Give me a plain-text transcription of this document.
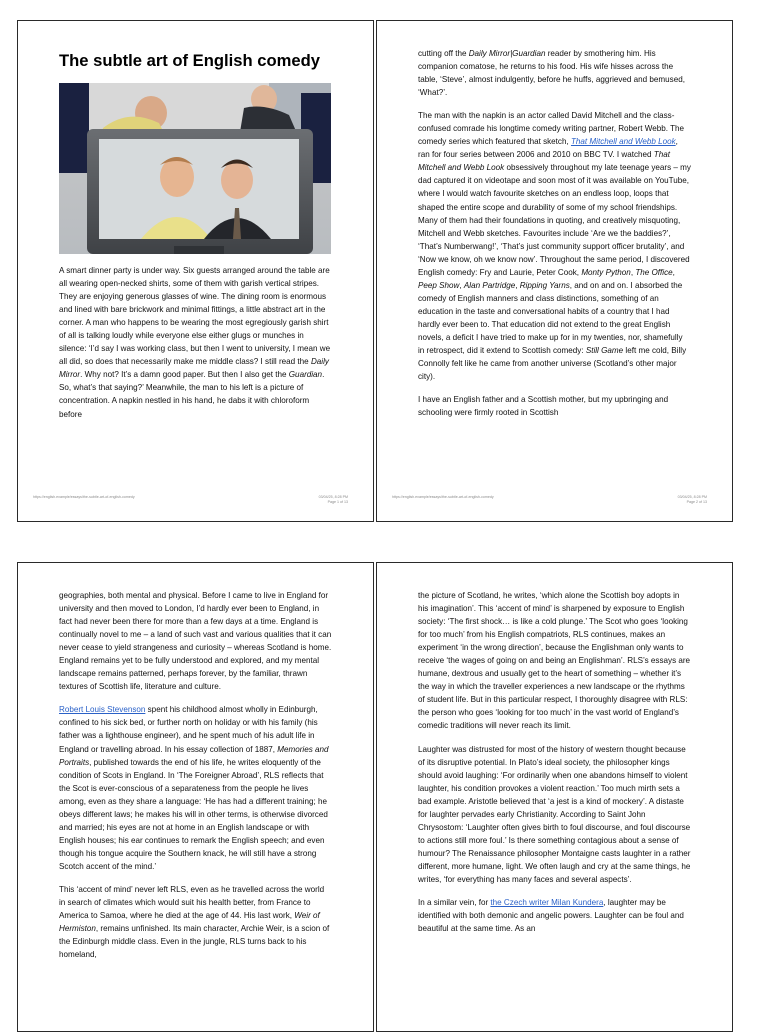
The subtle art of English comedy

A smart dinner party is under way. Six guests arranged around the table are all wearing open-necked shirts, some of them with garish vertical stripes. They are enjoying generous glasses of wine. The dining room is enormous and lined with bare brickwork and minimal fittings, a little abstract art in the corner. A man who happens to be wearing the most egregiously garish shirt of all is talking loudly while everyone else either glugs or munches in silence: ‘I’d say I was working class, but then I went to university, I mean we all did, so does that necessarily make me middle class? I still read the Daily Mirror. Why not? It’s a damn good paper. But then I also get the Guardian. So, what’s that saying?’ Meanwhile, the man to his left is a picture of concentration. A napkin nestled in his hand, he dabs it with chloroform before

https://english.example/essays/the-subtle-art-of-english-comedy	03/04/25, 8:28 PM
Page 1 of 13

cutting off the Daily Mirror|Guardian reader by smothering him. His companion comatose, he returns to his food. His wife hisses across the table, ‘Steve’, almost indulgently, before he huffs, aggrieved and bemused, ‘What?’.

The man with the napkin is an actor called David Mitchell and the class-confused comrade his longtime comedy writing partner, Robert Webb. The comedy series which featured that sketch, That Mitchell and Webb Look, ran for four series between 2006 and 2010 on BBC TV. I watched That Mitchell and Webb Look obsessively throughout my late teenage years – my dad captured it on videotape and soon most of it was available on YouTube, where I would watch favourite sketches on an endless loop, loops that shaped the entire scope and durability of some of my school friendships. Many of them had their foundations in quoting, and creatively misquoting, Mitchell and Webb sketches. Favourites include ‘Are we the baddies?’, ‘That’s Numberwang!’, ‘That’s just community support officer brutality’, and ‘Now we know, oh we know now’. Throughout the same period, I discovered English comedy: Fry and Laurie, Peter Cook, Monty Python, The Office, Peep Show, Alan Partridge, Ripping Yarns, and on and on. I absorbed the comedy of English manners and class distinctions, something of an education in the taste and conversational habits of a country that I had hardly ever been to. That education did not extend to the great English novels, a deficit I have tried to make up for in my twenties, nor, shamefully in retrospect, did it extend to Scottish comedy: Still Game left me cold, Billy Connolly felt like he came from another universe (Scotland’s other major city).

I have an English father and a Scottish mother, but my upbringing and schooling were firmly rooted in Scottish

https://english.example/essays/the-subtle-art-of-english-comedy	03/04/25, 8:28 PM
Page 2 of 13

geographies, both mental and physical. Before I came to live in England for university and then moved to London, I’d hardly ever been to England, in fact had never been there for more than a few days at a time. England is continually novel to me – a land of such vast and various qualities that it can never cease to yield strangeness and curiosity – whereas Scotland is home. England remains yet to be fully understood and explored, and my mental landscape remains patterned, perhaps forever, by the familiar, thrawn textures of Scottish life, literature and culture.

Robert Louis Stevenson spent his childhood almost wholly in Edinburgh, confined to his sick bed, or further north on holiday or with his family (his father was a lighthouse engineer), and he spent much of his adult life in England or travelling abroad. In his essay collection of 1887, Memories and Portraits, published towards the end of his life, he writes eloquently of the condition of Scots in England. In ‘The Foreigner Abroad’, RLS reflects that the Scot is ever-conscious of a separateness from the people he lives among, even as they share a language: ‘He has had a different training; he obeys different laws; he makes his will in other terms, is otherwise divorced and married; his eyes are not at home in an English landscape or with English houses; his ear continues to remark the English speech; and even though his tongue acquire the Southern knack, he will still have a strong Scotch accent of the mind.’

This ‘accent of mind’ never left RLS, even as he travelled across the world in search of climates which would suit his health better, from France to America to Samoa, where he died at the age of 44. His last work, Weir of Hermiston, remains unfinished. Its main character, Archie Weir, is a scion of the Edinburgh middle class. Even in the jungle, RLS turns back to his homeland,

the picture of Scotland, he writes, ‘which alone the Scottish boy adopts in his imagination’. This ‘accent of mind’ is sharpened by exposure to English society: ‘The first shock… is like a cold plunge.’ The Scot who goes ‘looking for too much’ from his English compatriots, RLS continues, makes an experiment ‘in the wrong direction’, because the Englishman only wants to receive ‘the wages of going on and being an Englishman’. RLS’s essays are humane, dextrous and usually get to the heart of something – whether it’s the way in which the traveller experiences a new landscape or the rhythms of student life. But in this particular respect, I thoroughly disagree with RLS: the person who goes ‘looking for too much’ in the vast world of England’s comedic traditions will never reach its limit.

Laughter was distrusted for most of the history of western thought because of its disruptive potential. In Plato’s ideal society, the philosopher kings should avoid laughing: ‘For ordinarily when one abandons himself to violent laughter, his condition provokes a violent reaction.’ Too much mirth sets a bad example. Aristotle believed that ‘a jest is a kind of mockery’. A distaste for laughter pervades early Christianity. According to Saint John Chrysostom: ‘Laughter often gives birth to foul discourse, and foul discourse to actions still more foul.’ Is there something contagious about a sense of humour? The Renaissance philosopher Montaigne casts laughter in a rather different, more humane, light. We often laugh and cry at the same things, he writes, ‘for everything has many faces and several aspects’.

In a similar vein, for the Czech writer Milan Kundera, laughter may be identified with both demonic and angelic powers. Laughter can be foul and beautiful at the same time. As an
